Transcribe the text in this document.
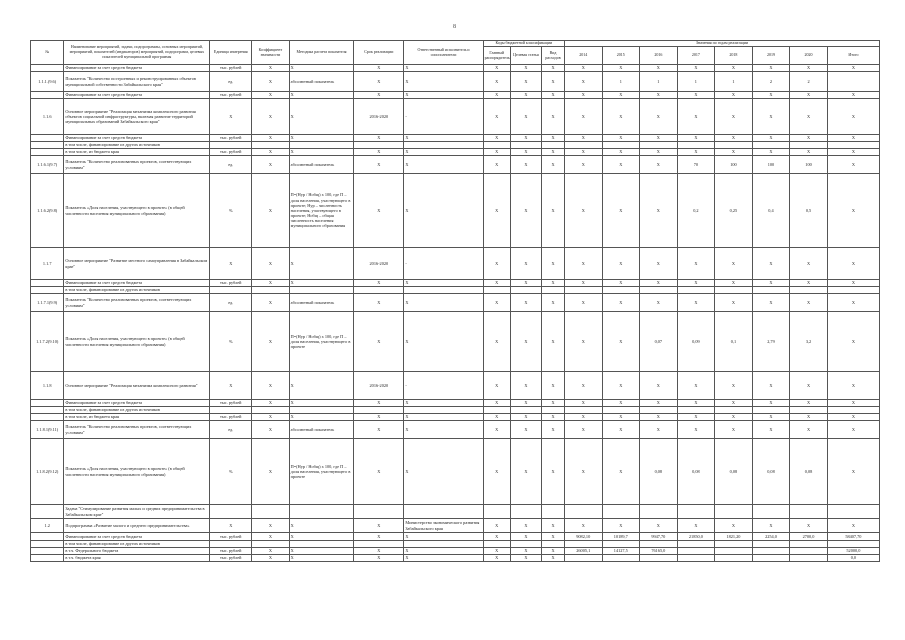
8
№	Наименование мероприятий, задачи, подпрограммы, основных мероприятий, мероприятий, показателей (индикаторов) мероприятий, подпрограмм, целевых показателей муниципальной программы	Единица измерения	Коэффициент значимости	Методика расчета показателя	Срок реализации	Ответственный исполнитель и соисполнители	Коды бюджетной классификации			Значения по годам реализации							
							Главный распорядитель	Целевая статья	Вид расходов	2014	2015	2016	2017	2018	2019	2020	Итого
	Финансирование за счет средств бюджета	тыс. рублей	X	X	X	X	X	X	X	X	X	X	X	X	X	X	X
1.1.1.(9.6)	Показатель "Количество построенных и реконструированных объектов муниципальной собственности Забайкальского края"	ед.	X	абсолютный показатель	X	X	X	X	X	X	1	1	1	1	2	2	
	Финансирование за счет средств бюджета	тыс. рублей	X	X	X	X	X	X	X	X	X	X	X	X	X	X	X
1.1.6	Основное мероприятие "Реализация механизма комплексного развития объектов социальной инфраструктуры, включая развитие территорий муниципальных образований Забайкальского края"	X	X	X	2016-2020	-	X	X	X	X	X	X	X	X	X	X	X
	Финансирование за счет средств бюджета	тыс. рублей	X	X	X	X	X	X	X	X	X	X	X	X	X	X	X
	в том числе, финансирование из других источников																
	в том числе, из бюджета края	тыс. рублей	X	X	X	X	X	X	X	X	X	X	X	X	X	X	X
1.1.6.1(9.7)	Показатель "Количество реализованных проектов, соответствующих условиям"	ед.	X	абсолютный показатель	X	X	X	X	X	X	X	X	70	100	100	100	X
1.1.6.2(9.8)	Показатель «Доля населения, участвующего в проекте» (в общей численности населения муниципального образования)	%	X	П=(Нур / Нобщ) х 100, где П – доля населения, участвующего в проекте; Нур – численность населения, участвующего в проекте; Нобщ – общая численность населения муниципального образования	X	X	X	X	X	X	X	X	0,2	0,25	0,4	0,5	X
1.1.7	Основное мероприятие "Развитие местного самоуправления в Забайкальском крае"	X	X	X	2016-2020	-	X	X	X	X	X	X	X	X	X	X	X
	Финансирование за счет средств бюджета	тыс. рублей	X	X	X	X	X	X	X	X	X	X	X	X	X	X	X
	в том числе, финансирование из других источников																
1.1.7.1(9.9)	Показатель "Количество реализованных проектов, соответствующих условиям"	ед.	X	абсолютный показатель	X	X	X	X	X	X	X	X	X	X	X	X	X
1.1.7.2(9.10)	Показатель «Доля населения, участвующего в проекте» (в общей численности населения муниципального образования)	%	X	П=(Нур / Нобщ) х 100, где П – доля населения, участвующего в проекте	X	X	X	X	X	X	X	0,07	0,09	0,1	2,79	3,2	X
1.1.8	Основное мероприятие "Реализация механизма комплексного развития"	X	X	X	2016-2020	-	X	X	X	X	X	X	X	X	X	X	X
	Финансирование за счет средств бюджета	тыс. рублей	X	X	X	X	X	X	X	X	X	X	X	X	X	X	X
	в том числе, финансирование из других источников																
	в том числе, из бюджета края	тыс. рублей	X	X	X	X	X	X	X	X	X	X	X	X	X	X	X
1.1.8.1(9.11)	Показатель "Количество реализованных проектов, соответствующих условиям"	ед.	X	абсолютный показатель	X	X	X	X	X	X	X	X	X	X	X	X	X
1.1.8.2(9.12)	Показатель «Доля населения, участвующего в проекте» (в общей численности населения муниципального образования)	%	X	П=(Нур / Нобщ) х 100, где П – доля населения, участвующего в проекте	X	X	X	X	X	X	X	0,08	0,08	0,08	0,08	0,08	X
	Задача "Стимулирование развития малых и средних предпринимательства в Забайкальском крае"																
1.2	Подпрограмма «Развитие малого и среднего предпринимательства»	X	X	X	X	Министерство экономического развития Забайкальского края	X	X	X	X	X	X	X	X	X	X	X
	Финансирование за счет средств бюджета	тыс. рублей	X	X	X	X	X	X	X	9082,10	10189,7	9947,70	21850,0	1821,20	2254,0	2700,0	58407,70
	в том числе, финансирование из других источников																
	в т.ч. Федерального бюджета	тыс. рублей	X	X	X	X	X	X	X	26005,1	14127,5	76165,0					52000,0
	в т.ч. бюджета края	тыс. рублей	X	X	X	X	X	X	X								0,0
